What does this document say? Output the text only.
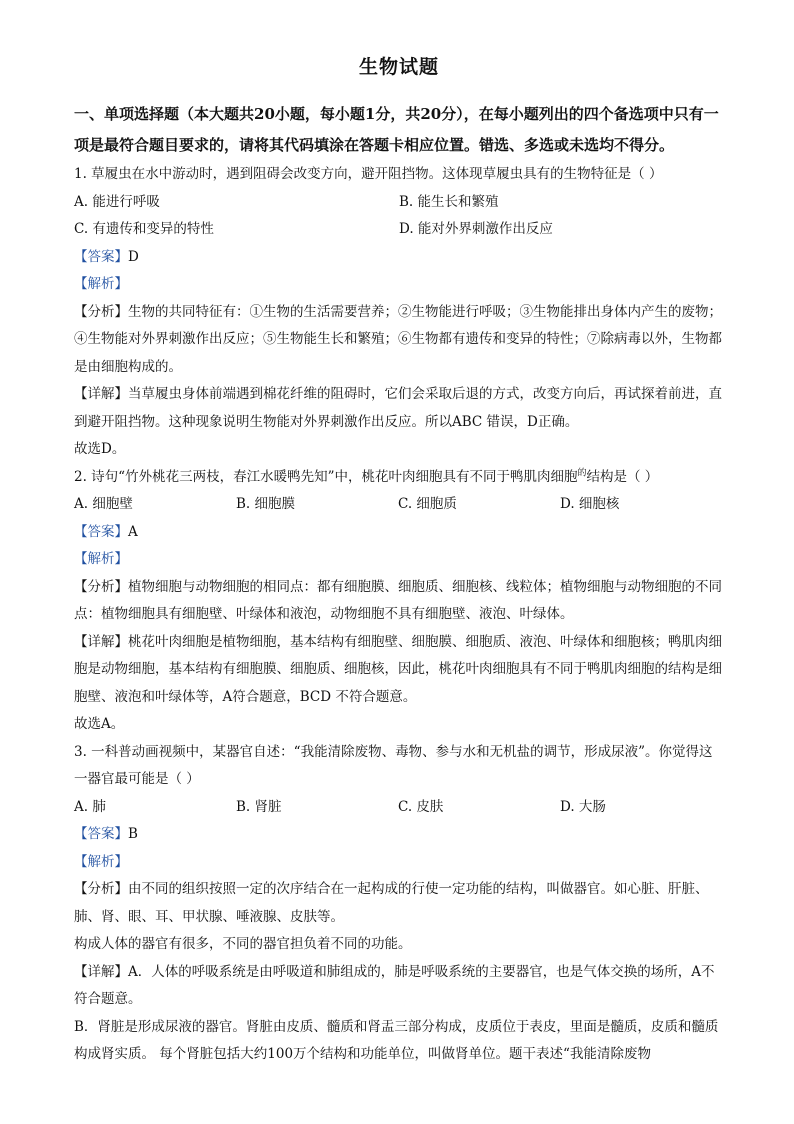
生物试题

一、单项选择题（本大题共20小题，每小题1分，共20分），在每小题列出的四个备选项中只有一项是最符合题目要求的，请将其代码填涂在答题卡相应位置。错选、多选或未选均不得分。

1. 草履虫在水中游动时，遇到阻碍会改变方向，避开阻挡物。这体现草履虫具有的生物特征是（ ）

A. 能进行呼吸	B. 能生长和繁殖
C. 有遗传和变异的特性	D. 能对外界刺激作出反应

【答案】D

【解析】

【分析】生物的共同特征有：①生物的生活需要营养；②生物能进行呼吸；③生物能排出身体内产生的废物；④生物能对外界刺激作出反应；⑤生物能生长和繁殖；⑥生物都有遗传和变异的特性；⑦除病毒以外，生物都是由细胞构成的。

【详解】当草履虫身体前端遇到棉花纤维的阻碍时，它们会采取后退的方式，改变方向后，再试探着前进，直到避开阻挡物。这种现象说明生物能对外界刺激作出反应。所以ABC 错误，D正确。

故选D。

2. 诗句“竹外桃花三两枝，春江水暖鸭先知”中，桃花叶肉细胞具有不同于鸭肌肉细胞$^的$结构是（ ）

A. 细胞壁	B. 细胞膜	C. 细胞质	D. 细胞核

【答案】A

【解析】

【分析】植物细胞与动物细胞的相同点：都有细胞膜、细胞质、细胞核、线粒体；植物细胞与动物细胞的不同点：植物细胞具有细胞壁、叶绿体和液泡，动物细胞不具有细胞壁、液泡、叶绿体。

【详解】桃花叶肉细胞是植物细胞，基本结构有细胞壁、细胞膜、细胞质、液泡、叶绿体和细胞核；鸭肌肉细胞是动物细胞，基本结构有细胞膜、细胞质、细胞核，因此，桃花叶肉细胞具有不同于鸭肌肉细胞的结构是细胞壁、液泡和叶绿体等，A符合题意，BCD 不符合题意。

故选A。

3. 一科普动画视频中，某器官自述：“我能清除废物、毒物、参与水和无机盐的调节，形成尿液”。你觉得这一器官最可能是（ ）

A. 肺	B. 肾脏	C. 皮肤	D. 大肠

【答案】B

【解析】

【分析】由不同的组织按照一定的次序结合在一起构成的行使一定功能的结构，叫做器官。如心脏、肝脏、肺、肾、眼、耳、甲状腺、唾液腺、皮肤等。

构成人体的器官有很多，不同的器官担负着不同的功能。

【详解】A．人体的呼吸系统是由呼吸道和肺组成的，肺是呼吸系统的主要器官，也是气体交换的场所，A不符合题意。

B．肾脏是形成尿液的器官。肾脏由皮质、髓质和肾盂三部分构成，皮质位于表皮，里面是髓质，皮质和髓质构成肾实质。 每个肾脏包括大约100万个结构和功能单位，叫做肾单位。题干表述“我能清除废物
